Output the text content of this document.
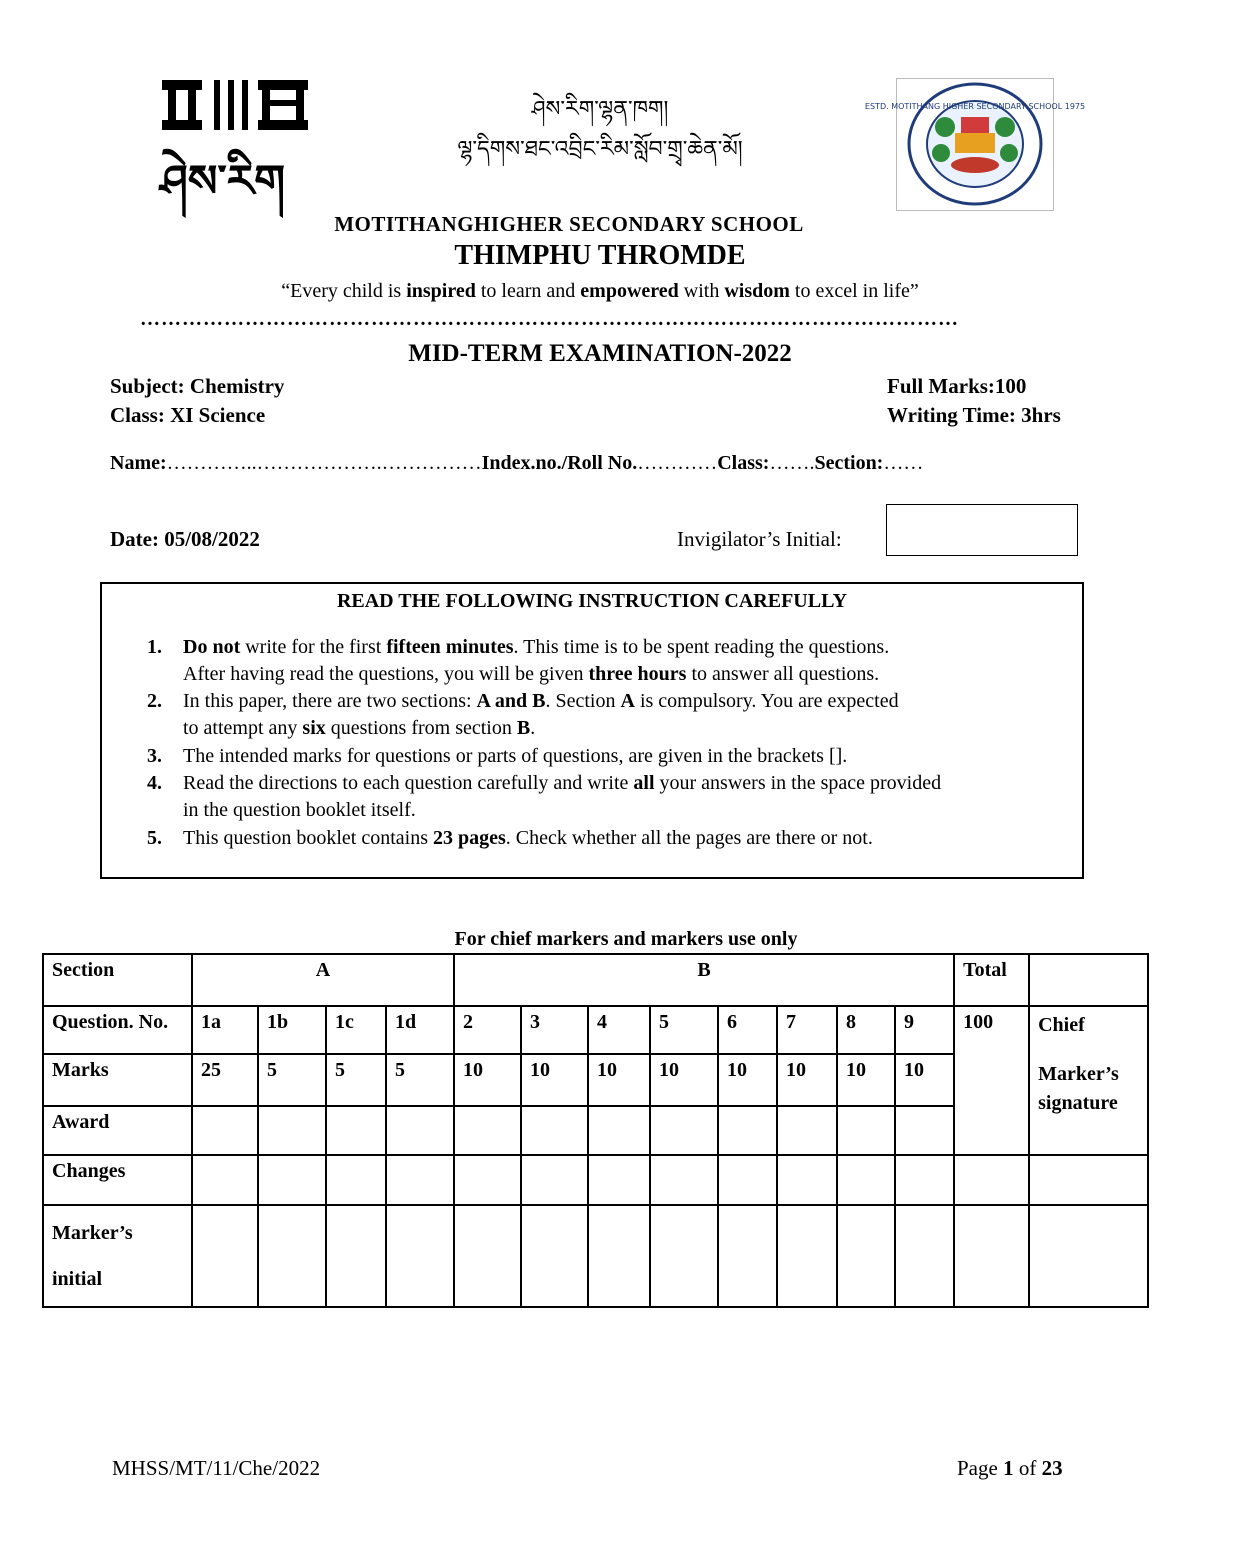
ཤེས་རིག
ཤེས་རིག་ལྷན་ཁག།
ལྷ་དིགས་ཐང་འབྲིང་རིམ་སློབ་གྲྭ་ཆེན་མོ།
ESTD. MOTITHANG HIGHER SECONDARY SCHOOL 1975
MOTITHANGHIGHER SECONDARY SCHOOL
THIMPHU THROMDE
“Every child is inspired to learn and empowered with wisdom to excel in life”
………………………………………………………………………………………………………
MID-TERM EXAMINATION-2022
Subject: Chemistry
Class: XI Science
Full Marks:100
Writing Time: 3hrs
Name:…………..……………….……………Index.no./Roll No.…………Class:…….Section:……
Date: 05/08/2022	Invigilator’s Initial:
READ THE FOLLOWING INSTRUCTION CAREFULLY
1. Do not write for the first fifteen minutes. This time is to be spent reading the questions.
After having read the questions, you will be given three hours to answer all questions.
2. In this paper, there are two sections: A and B. Section A is compulsory. You are expected
to attempt any six questions from section B.
3. The intended marks for questions or parts of questions, are given in the brackets [].
4. Read the directions to each question carefully and write all your answers in the space provided
in the question booklet itself.
5. This question booklet contains 23 pages. Check whether all the pages are there or not.
For chief markers and markers use only
Section	A				B								Total	
Question. No.	1a	1b	1c	1d	2	3	4	5	6	7	8	9	100	Chief

Marker’s signature

Marks	25	5	5	5	10	10	10	10	10	10	10	10		
Award														
Changes														
Marker’s
initial														
MHSS/MT/11/Che/2022	Page 1 of 23
